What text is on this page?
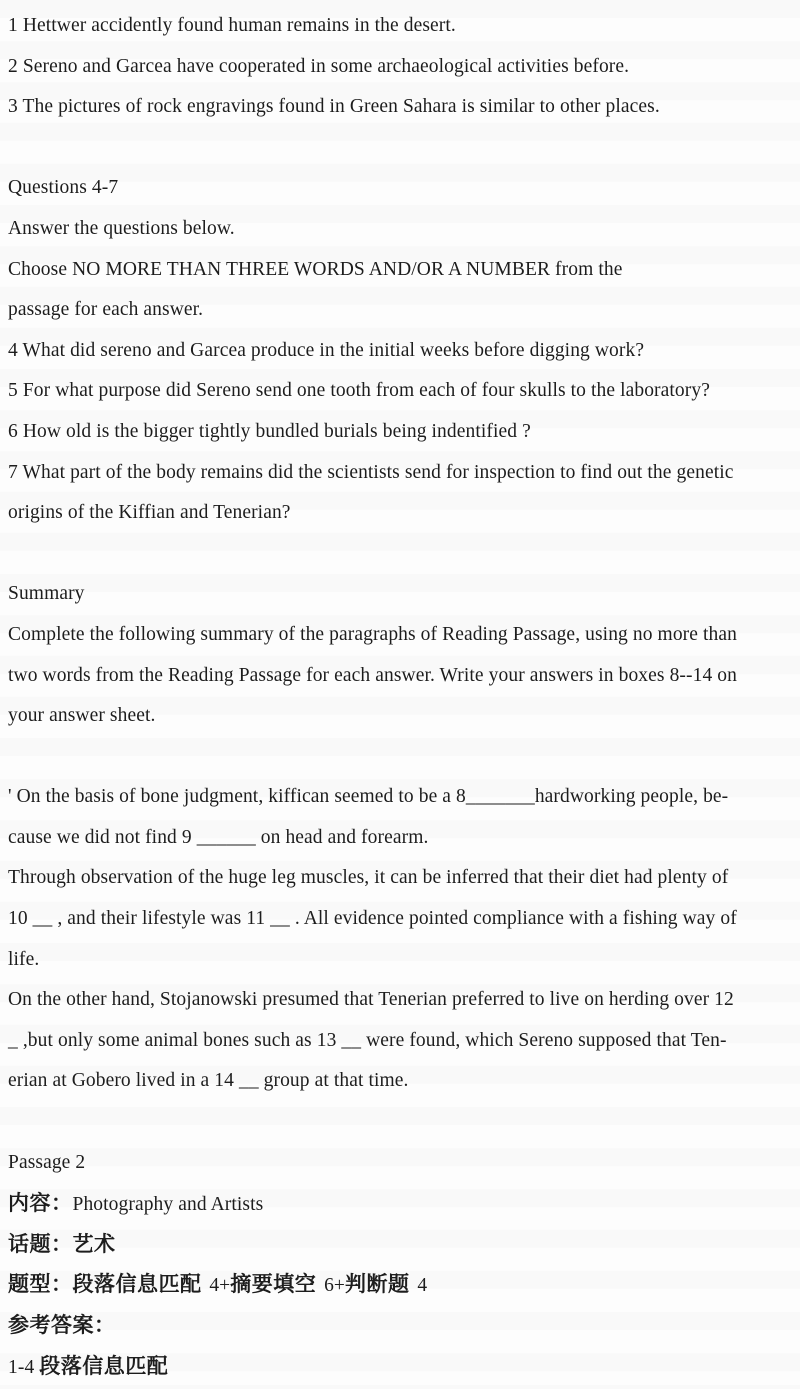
1 Hettwer accidently found human remains in the desert.
2 Sereno and Garcea have cooperated in some archaeological activities before.
3 The pictures of rock engravings found in Green Sahara is similar to other places.
Questions 4-7
Answer the questions below.
Choose NO MORE THAN THREE WORDS AND/OR A NUMBER from the
passage for each answer.
4 What did sereno and Garcea produce in the initial weeks before digging work?
5 For what purpose did Sereno send one tooth from each of four skulls to the laboratory?
6 How old is the bigger tightly bundled burials being indentified ?
7 What part of the body remains did the scientists send for inspection to find out the genetic
origins of the Kiffian and Tenerian?
Summary
Complete the following summary of the paragraphs of Reading Passage, using no more than
two words from the Reading Passage for each answer. Write your answers in boxes 8--14 on
your answer sheet.
' On the basis of bone judgment, kiffican seemed to be a 8_______hardworking people, be-
cause we did not find 9 ______ on head and forearm.
Through observation of the huge leg muscles, it can be inferred that their diet had plenty of
10 __ , and their lifestyle was 11 __ . All evidence pointed compliance with a fishing way of
life.
On the other hand, Stojanowski presumed that Tenerian preferred to live on herding over 12
_ ,but only some animal bones such as 13 __ were found, which Sereno supposed that Ten-
erian at Gobero lived in a 14 __ group at that time.
Passage 2
内容：Photography and Artists
话题：艺术
题型：段落信息匹配 4+摘要填空 6+判断题 4
参考答案：
1-4 段落信息匹配
